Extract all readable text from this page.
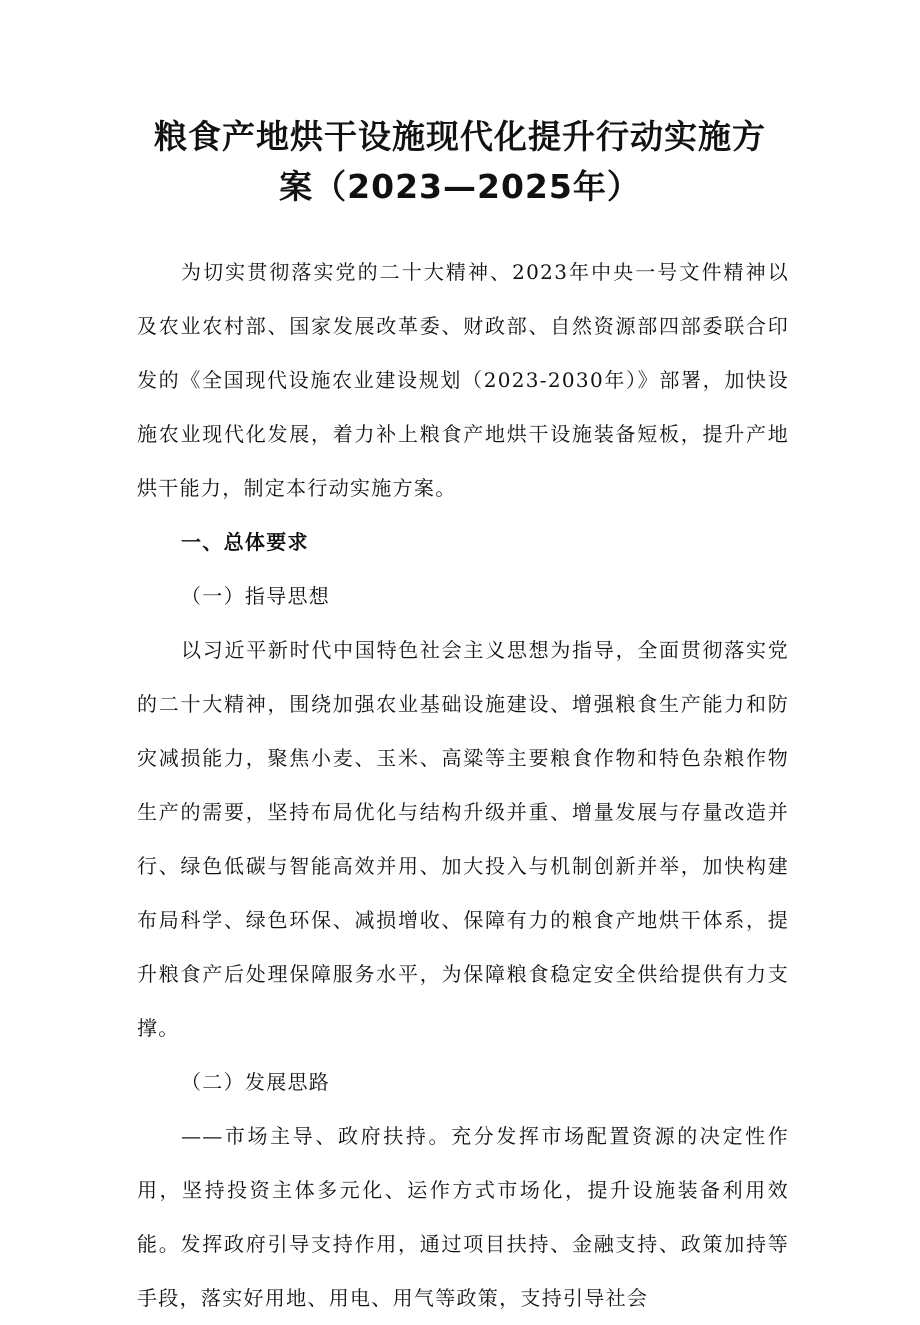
粮食产地烘干设施现代化提升行动实施方
案（2023—2025年）

为切实贯彻落实党的二十大精神、2023年中央一号文件精神以及农业农村部、国家发展改革委、财政部、自然资源部四部委联合印发的《全国现代设施农业建设规划（2023-2030年）》部署，加快设施农业现代化发展，着力补上粮食产地烘干设施装备短板，提升产地烘干能力，制定本行动实施方案。

一、总体要求

（一）指导思想

以习近平新时代中国特色社会主义思想为指导，全面贯彻落实党的二十大精神，围绕加强农业基础设施建设、增强粮食生产能力和防灾减损能力，聚焦小麦、玉米、高粱等主要粮食作物和特色杂粮作物生产的需要，坚持布局优化与结构升级并重、增量发展与存量改造并行、绿色低碳与智能高效并用、加大投入与机制创新并举，加快构建布局科学、绿色环保、减损增收、保障有力的粮食产地烘干体系，提升粮食产后处理保障服务水平，为保障粮食稳定安全供给提供有力支撑。

（二）发展思路

——市场主导、政府扶持。充分发挥市场配置资源的决定性作用，坚持投资主体多元化、运作方式市场化，提升设施装备利用效能。发挥政府引导支持作用，通过项目扶持、金融支持、政策加持等手段，落实好用地、用电、用气等政策，支持引导社会
